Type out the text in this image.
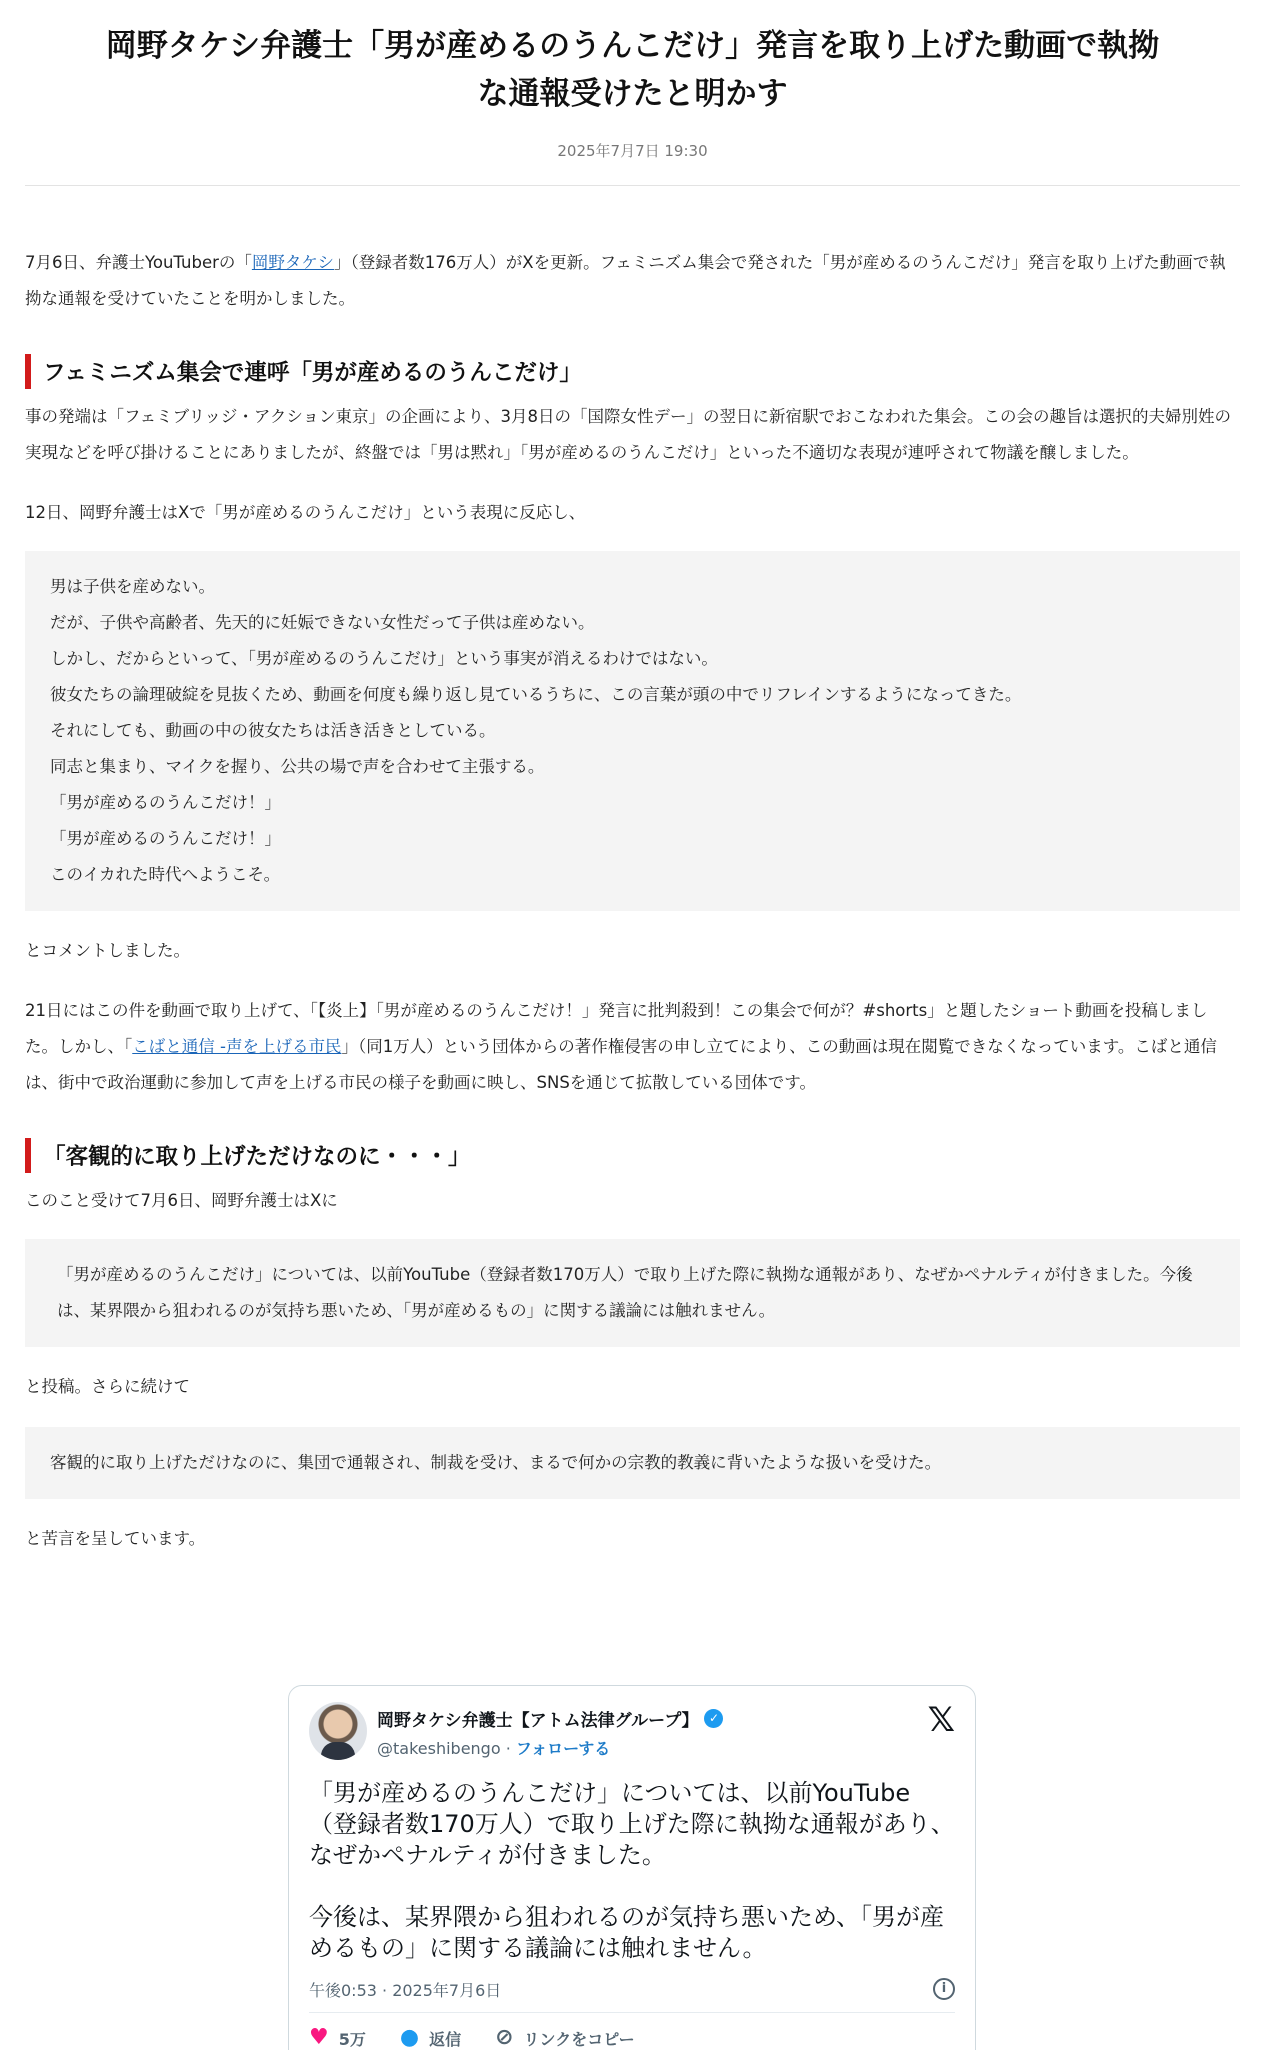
岡野タケシ弁護士「男が産めるのうんこだけ」発言を取り上げた動画で執拗
な通報受けたと明かす
2025年7月7日 19:30

7月6日、弁護士YouTuberの「岡野タケシ」（登録者数176万人）がXを更新。フェミニズム集会で発された「男が産めるのうんこだけ」発言を取り上げた動画で執拗な通報を受けていたことを明かしました。

フェミニズム集会で連呼「男が産めるのうんこだけ」

事の発端は「フェミブリッジ・アクション東京」の企画により、3月8日の「国際女性デー」の翌日に新宿駅でおこなわれた集会。この会の趣旨は選択的夫婦別姓の実現などを呼び掛けることにありましたが、終盤では「男は黙れ」「男が産めるのうんこだけ」といった不適切な表現が連呼されて物議を醸しました。

12日、岡野弁護士はXで「男が産めるのうんこだけ」という表現に反応し、

男は子供を産めない。
だが、子供や高齢者、先天的に妊娠できない女性だって子供は産めない。
しかし、だからといって、「男が産めるのうんこだけ」という事実が消えるわけではない。
彼女たちの論理破綻を見抜くため、動画を何度も繰り返し見ているうちに、この言葉が頭の中でリフレインするようになってきた。
それにしても、動画の中の彼女たちは活き活きとしている。
同志と集まり、マイクを握り、公共の場で声を合わせて主張する。
「男が産めるのうんこだけ！」
「男が産めるのうんこだけ！」
このイカれた時代へようこそ。

とコメントしました。

21日にはこの件を動画で取り上げて、「【炎上】「男が産めるのうんこだけ！」発言に批判殺到！この集会で何が？#shorts」と題したショート動画を投稿しました。しかし、「こばと通信 -声を上げる市民」（同1万人）という団体からの著作権侵害の申し立てにより、この動画は現在閲覧できなくなっています。こばと通信は、街中で政治運動に参加して声を上げる市民の様子を動画に映し、SNSを通じて拡散している団体です。

「客観的に取り上げただけなのに・・・」

このこと受けて7月6日、岡野弁護士はXに

「男が産めるのうんこだけ」については、以前YouTube（登録者数170万人）で取り上げた際に執拗な通報があり、なぜかペナルティが付きました。今後は、某界隈から狙われるのが気持ち悪いため、「男が産めるもの」に関する議論には触れません。

と投稿。さらに続けて

客観的に取り上げただけなのに、集団で通報され、制裁を受け、まるで何かの宗教的教義に背いたような扱いを受けた。

と苦言を呈しています。

岡野タケシ弁護士【アトム法律グループ】 ✓
@takeshibengo · フォローする
𝕏
「男が産めるのうんこだけ」については、以前YouTube（登録者数170万人）で取り上げた際に執拗な通報があり、なぜかペナルティが付きました。
今後は、某界隈から狙われるのが気持ち悪いため、「男が産めるもの」に関する議論には触れません。
午後0:53 · 2025年7月6日	i
♥ 5万 ● 返信 ⊘ リンクをコピー
